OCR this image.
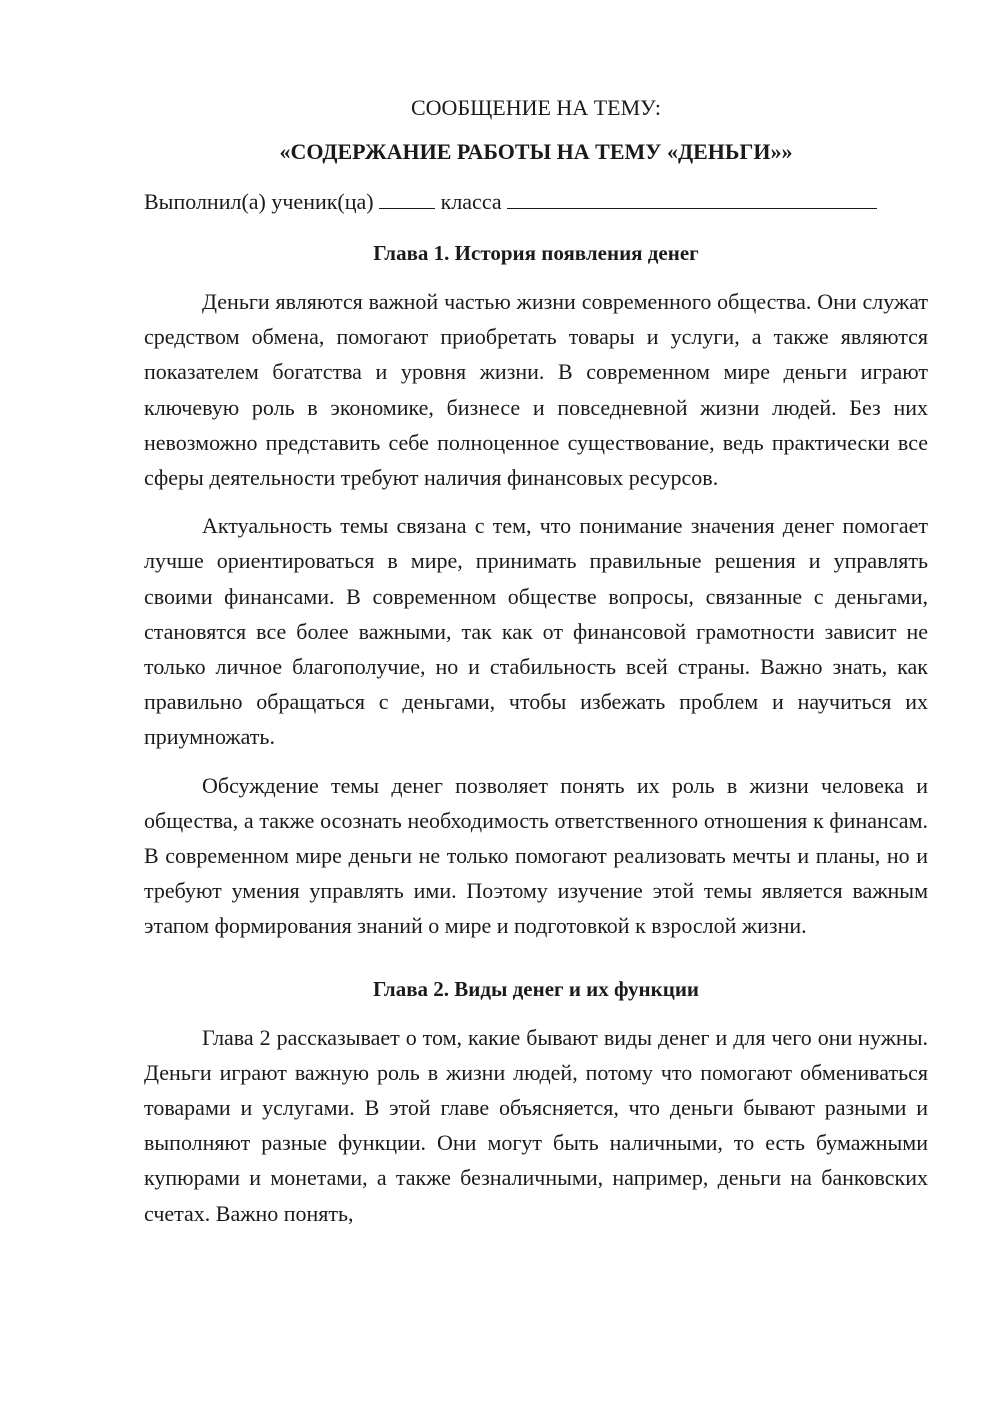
СООБЩЕНИЕ НА ТЕМУ:

«СОДЕРЖАНИЕ РАБОТЫ НА ТЕМУ «ДЕНЬГИ»»

Выполнил(а) ученик(ца)	класса
Глава 1. История появления денег

Деньги являются важной частью жизни современного общества. Они служат средством обмена, помогают приобретать товары и услуги, а также являются показателем богатства и уровня жизни. В современном мире деньги играют ключевую роль в экономике, бизнесе и повседневной жизни людей. Без них невозможно представить себе полноценное существование, ведь практически все сферы деятельности требуют наличия финансовых ресурсов.

Актуальность темы связана с тем, что понимание значения денег помогает лучше ориентироваться в мире, принимать правильные решения и управлять своими финансами. В современном обществе вопросы, связанные с деньгами, становятся все более важными, так как от финансовой грамотности зависит не только личное благополучие, но и стабильность всей страны. Важно знать, как правильно обращаться с деньгами, чтобы избежать проблем и научиться их приумножать.

Обсуждение темы денег позволяет понять их роль в жизни человека и общества, а также осознать необходимость ответственного отношения к финансам. В современном мире деньги не только помогают реализовать мечты и планы, но и требуют умения управлять ими. Поэтому изучение этой темы является важным этапом формирования знаний о мире и подготовкой к взрослой жизни.

Глава 2. Виды денег и их функции

Глава 2 рассказывает о том, какие бывают виды денег и для чего они нужны. Деньги играют важную роль в жизни людей, потому что помогают обмениваться товарами и услугами. В этой главе объясняется, что деньги бывают разными и выполняют разные функции. Они могут быть наличными, то есть бумажными купюрами и монетами, а также безналичными, например, деньги на банковских счетах. Важно понять,
